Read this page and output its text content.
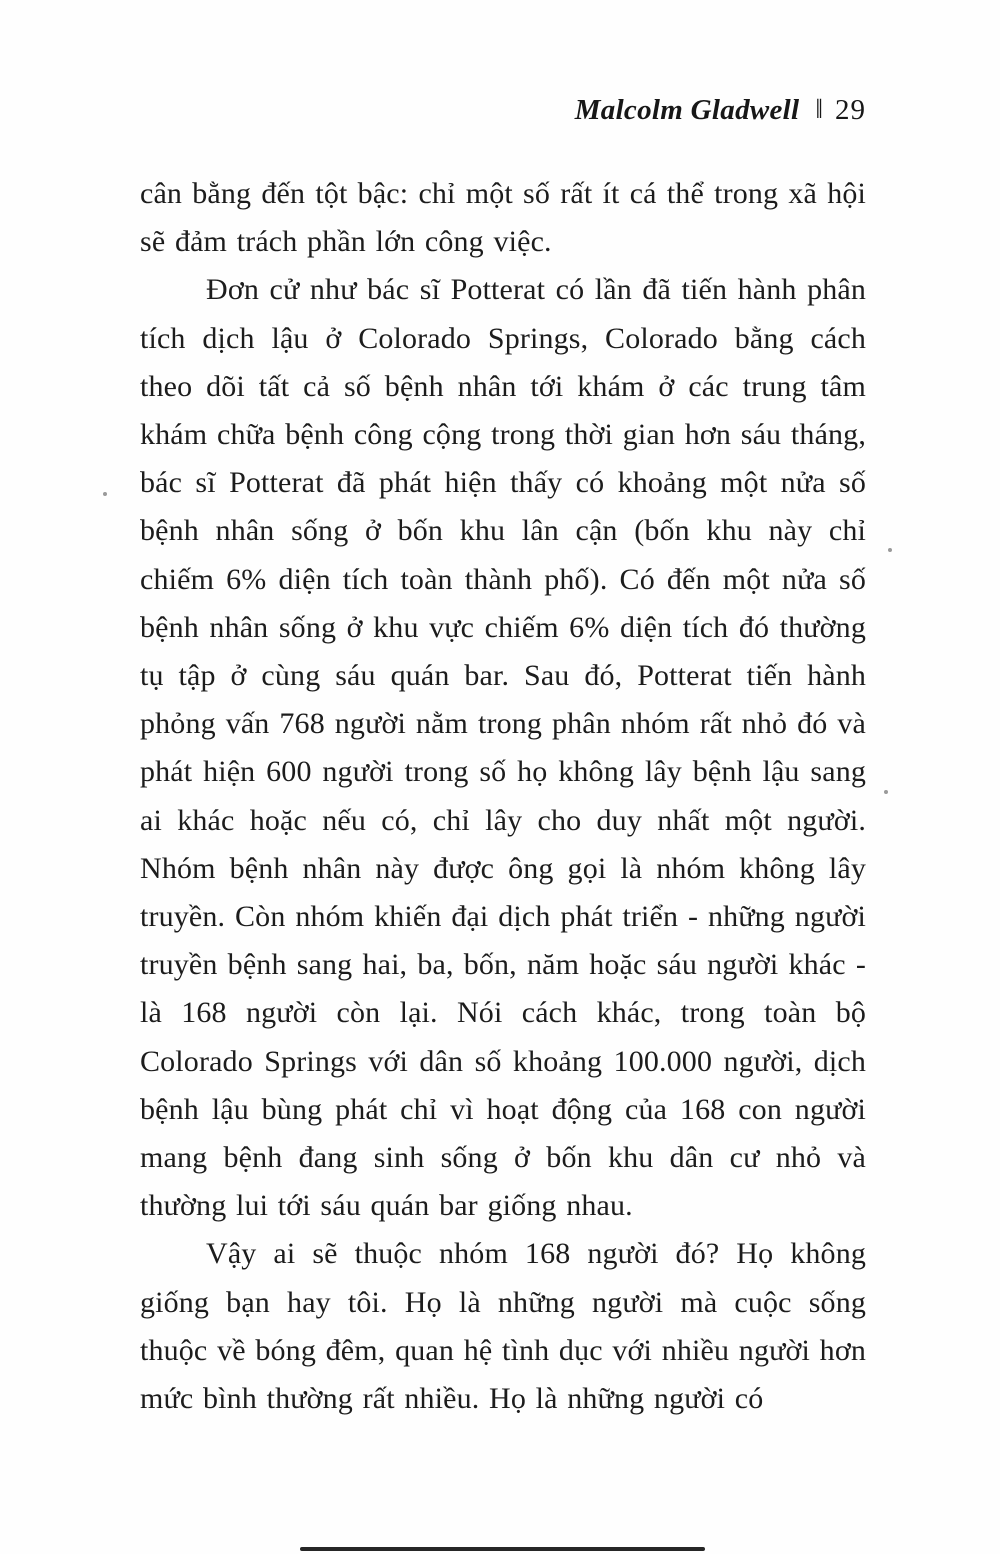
Malcolm Gladwell ‖ 29

cân bằng đến tột bậc: chỉ một số rất ít cá thể trong xã hội sẽ đảm trách phần lớn công việc.

Đơn cử như bác sĩ Potterat có lần đã tiến hành phân tích dịch lậu ở Colorado Springs, Colorado bằng cách theo dõi tất cả số bệnh nhân tới khám ở các trung tâm khám chữa bệnh công cộng trong thời gian hơn sáu tháng, bác sĩ Potterat đã phát hiện thấy có khoảng một nửa số bệnh nhân sống ở bốn khu lân cận (bốn khu này chỉ chiếm 6% diện tích toàn thành phố). Có đến một nửa số bệnh nhân sống ở khu vực chiếm 6% diện tích đó thường tụ tập ở cùng sáu quán bar. Sau đó, Potterat tiến hành phỏng vấn 768 người nằm trong phân nhóm rất nhỏ đó và phát hiện 600 người trong số họ không lây bệnh lậu sang ai khác hoặc nếu có, chỉ lây cho duy nhất một người. Nhóm bệnh nhân này được ông gọi là nhóm không lây truyền. Còn nhóm khiến đại dịch phát triển - những người truyền bệnh sang hai, ba, bốn, năm hoặc sáu người khác - là 168 người còn lại. Nói cách khác, trong toàn bộ Colorado Springs với dân số khoảng 100.000 người, dịch bệnh lậu bùng phát chỉ vì hoạt động của 168 con người mang bệnh đang sinh sống ở bốn khu dân cư nhỏ và thường lui tới sáu quán bar giống nhau.

Vậy ai sẽ thuộc nhóm 168 người đó? Họ không giống bạn hay tôi. Họ là những người mà cuộc sống thuộc về bóng đêm, quan hệ tình dục với nhiều người hơn mức bình thường rất nhiều. Họ là những người có
